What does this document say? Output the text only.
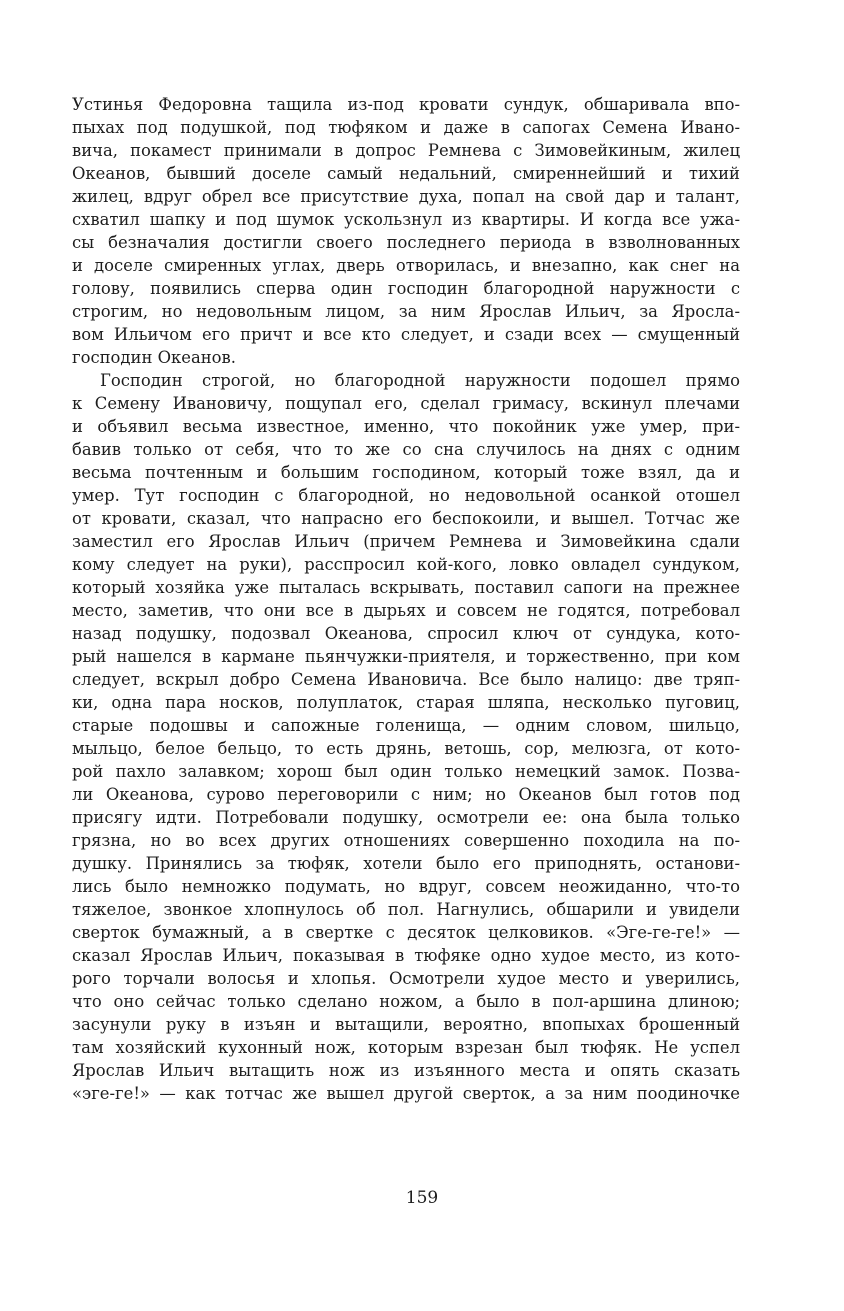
Устинья Федоровна тащила из-под кровати сундук, обшаривала впо-
пыхах под подушкой, под тюфяком и даже в сапогах Семена Ивано-
вича, покамест принимали в допрос Ремнева с Зимовейкиным, жилец
Океанов, бывший доселе самый недальний, смиреннейший и тихий
жилец, вдруг обрел все присутствие духа, попал на свой дар и талант,
схватил шапку и под шумок ускользнул из квартиры. И когда все ужа-
сы безначалия достигли своего последнего периода в взволнованных
и доселе смиренных углах, дверь отворилась, и внезапно, как снег на
голову, появились сперва один господин благородной наружности с
строгим, но недовольным лицом, за ним Ярослав Ильич, за Яросла-
вом Ильичом его причт и все кто следует, и сзади всех — смущенный
господин Океанов.
Господин строгой, но благородной наружности подошел прямо
к Семену Ивановичу, пощупал его, сделал гримасу, вскинул плечами
и объявил весьма известное, именно, что покойник уже умер, при-
бавив только от себя, что то же со сна случилось на днях с одним
весьма почтенным и большим господином, который тоже взял, да и
умер. Тут господин с благородной, но недовольной осанкой отошел
от кровати, сказал, что напрасно его беспокоили, и вышел. Тотчас же
заместил его Ярослав Ильич (причем Ремнева и Зимовейкина сдали
кому следует на руки), расспросил кой-кого, ловко овладел сундуком,
который хозяйка уже пыталась вскрывать, поставил сапоги на прежнее
место, заметив, что они все в дырьях и совсем не годятся, потребовал
назад подушку, подозвал Океанова, спросил ключ от сундука, кото-
рый нашелся в кармане пьянчужки-приятеля, и торжественно, при ком
следует, вскрыл добро Семена Ивановича. Все было налицо: две тряп-
ки, одна пара носков, полуплаток, старая шляпа, несколько пуговиц,
старые подошвы и сапожные голенища, — одним словом, шильцо,
мыльцо, белое бельцо, то есть дрянь, ветошь, сор, мелюзга, от кото-
рой пахло залавком; хорош был один только немецкий замок. Позва-
ли Океанова, сурово переговорили с ним; но Океанов был готов под
присягу идти. Потребовали подушку, осмотрели ее: она была только
грязна, но во всех других отношениях совершенно походила на по-
душку. Принялись за тюфяк, хотели было его приподнять, останови-
лись было немножко подумать, но вдруг, совсем неожиданно, что-то
тяжелое, звонкое хлопнулось об пол. Нагнулись, обшарили и увидели
сверток бумажный, а в свертке с десяток целковиков. «Эге-ге-ге!» —
сказал Ярослав Ильич, показывая в тюфяке одно худое место, из кото-
рого торчали волосья и хлопья. Осмотрели худое место и уверились,
что оно сейчас только сделано ножом, а было в пол-аршина длиною;
засунули руку в изъян и вытащили, вероятно, впопыхах брошенный
там хозяйский кухонный нож, которым взрезан был тюфяк. Не успел
Ярослав Ильич вытащить нож из изъянного места и опять сказать
«эге-ге!» — как тотчас же вышел другой сверток, а за ним поодиночке
159
